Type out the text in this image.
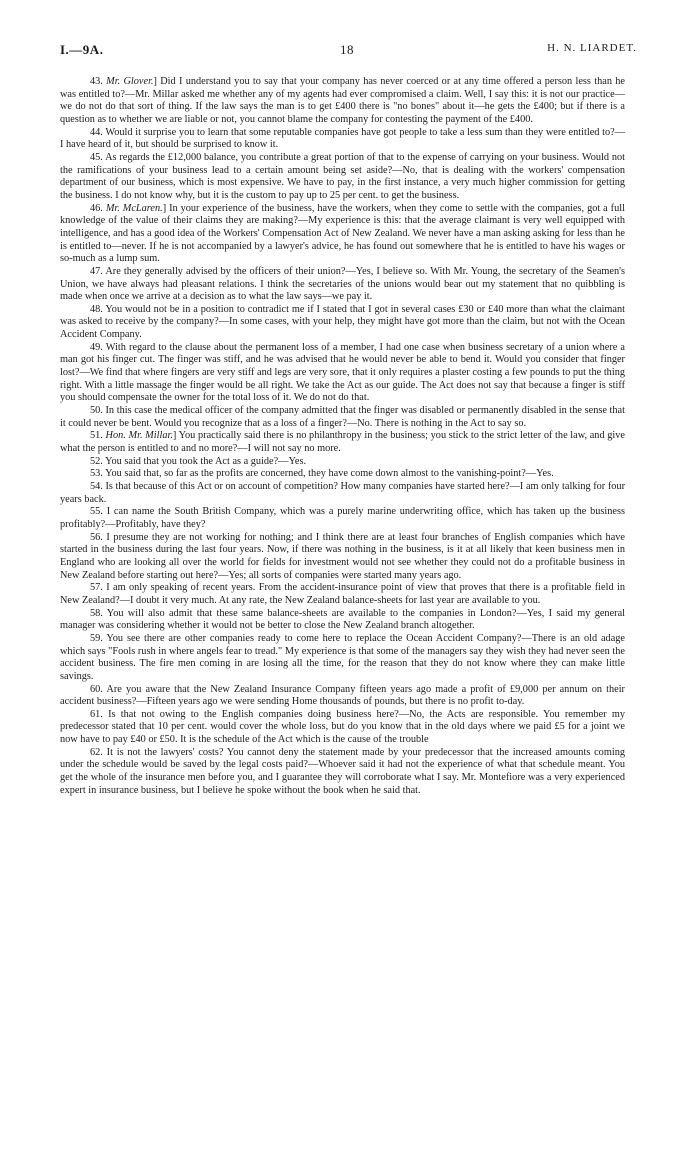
I.—9A.	18	H. N. LIARDET.

43. Mr. Glover.] Did I understand you to say that your company has never coerced or at any time offered a person less than he was entitled to?—Mr. Millar asked me whether any of my agents had ever compromised a claim. Well, I say this: it is not our practice—we do not do that sort of thing. If the law says the man is to get £400 there is "no bones" about it—he gets the £400; but if there is a question as to whether we are liable or not, you cannot blame the company for contesting the payment of the £400.

44. Would it surprise you to learn that some reputable companies have got people to take a less sum than they were entitled to?—I have heard of it, but should be surprised to know it.

45. As regards the £12,000 balance, you contribute a great portion of that to the expense of carrying on your business. Would not the ramifications of your business lead to a certain amount being set aside?—No, that is dealing with the workers' compensation department of our business, which is most expensive. We have to pay, in the first instance, a very much higher commission for getting the business. I do not know why, but it is the custom to pay up to 25 per cent. to get the business.

46. Mr. McLaren.] In your experience of the business, have the workers, when they come to settle with the companies, got a full knowledge of the value of their claims they are making?—My experience is this: that the average claimant is very well equipped with intelligence, and has a good idea of the Workers' Compensation Act of New Zealand. We never have a man asking asking for less than he is entitled to—never. If he is not accompanied by a lawyer's advice, he has found out somewhere that he is entitled to have his wages or so-much as a lump sum.

47. Are they generally advised by the officers of their union?—Yes, I believe so. With Mr. Young, the secretary of the Seamen's Union, we have always had pleasant relations. I think the secretaries of the unions would bear out my statement that no quibbling is made when once we arrive at a decision as to what the law says—we pay it.

48. You would not be in a position to contradict me if I stated that I got in several cases £30 or £40 more than what the claimant was asked to receive by the company?—In some cases, with your help, they might have got more than the claim, but not with the Ocean Accident Company.

49. With regard to the clause about the permanent loss of a member, I had one case when business secretary of a union where a man got his finger cut. The finger was stiff, and he was advised that he would never be able to bend it. Would you consider that finger lost?—We find that where fingers are very stiff and legs are very sore, that it only requires a plaster costing a few pounds to put the thing right. With a little massage the finger would be all right. We take the Act as our guide. The Act does not say that because a finger is stiff you should compensate the owner for the total loss of it. We do not do that.

50. In this case the medical officer of the company admitted that the finger was disabled or permanently disabled in the sense that it could never be bent. Would you recognize that as a loss of a finger?—No. There is nothing in the Act to say so.

51. Hon. Mr. Millar.] You practically said there is no philanthropy in the business; you stick to the strict letter of the law, and give what the person is entitled to and no more?—I will not say no more.

52. You said that you took the Act as a guide?—Yes.

53. You said that, so far as the profits are concerned, they have come down almost to the vanishing-point?—Yes.

54. Is that because of this Act or on account of competition? How many companies have started here?—I am only talking for four years back.

55. I can name the South British Company, which was a purely marine underwriting office, which has taken up the business profitably?—Profitably, have they?

56. I presume they are not working for nothing; and I think there are at least four branches of English companies which have started in the business during the last four years. Now, if there was nothing in the business, is it at all likely that keen business men in England who are looking all over the world for fields for investment would not see whether they could not do a profitable business in New Zealand before starting out here?—Yes; all sorts of companies were started many years ago.

57. I am only speaking of recent years. From the accident-insurance point of view that proves that there is a profitable field in New Zealand?—I doubt it very much. At any rate, the New Zealand balance-sheets for last year are available to you.

58. You will also admit that these same balance-sheets are available to the companies in London?—Yes, I said my general manager was considering whether it would not be better to close the New Zealand branch altogether.

59. You see there are other companies ready to come here to replace the Ocean Accident Company?—There is an old adage which says "Fools rush in where angels fear to tread." My experience is that some of the managers say they wish they had never seen the accident business. The fire men coming in are losing all the time, for the reason that they do not know where they can make little savings.

60. Are you aware that the New Zealand Insurance Company fifteen years ago made a profit of £9,000 per annum on their accident business?—Fifteen years ago we were sending Home thousands of pounds, but there is no profit to-day.

61. Is that not owing to the English companies doing business here?—No, the Acts are responsible. You remember my predecessor stated that 10 per cent. would cover the whole loss, but do you know that in the old days where we paid £5 for a joint we now have to pay £40 or £50. It is the schedule of the Act which is the cause of the trouble

62. It is not the lawyers' costs? You cannot deny the statement made by your predecessor that the increased amounts coming under the schedule would be saved by the legal costs paid?—Whoever said it had not the experience of what that schedule meant. You get the whole of the insurance men before you, and I guarantee they will corroborate what I say. Mr. Montefiore was a very experienced expert in insurance business, but I believe he spoke without the book when he said that.
